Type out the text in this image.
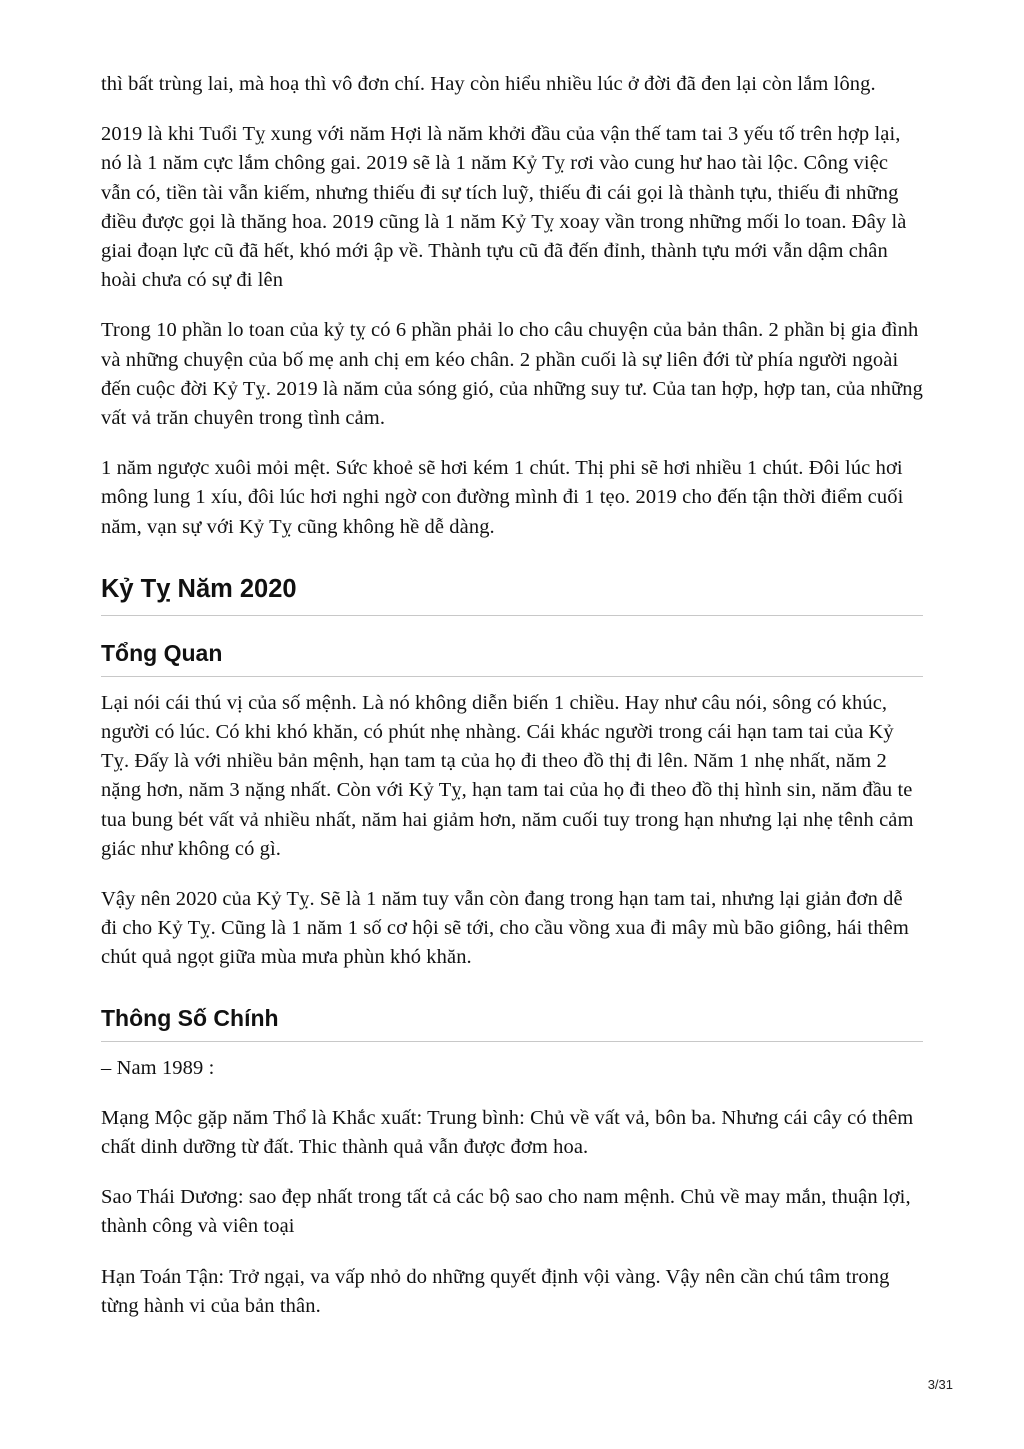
thì bất trùng lai, mà hoạ thì vô đơn chí. Hay còn hiểu nhiều lúc ở đời đã đen lại còn lắm lông.

2019 là khi Tuổi Tỵ xung với năm Hợi là năm khởi đầu của vận thế tam tai 3 yếu tố trên hợp lại, nó là 1 năm cực lắm chông gai. 2019 sẽ là 1 năm Kỷ Tỵ rơi vào cung hư hao tài lộc. Công việc vẫn có, tiền tài vẫn kiếm, nhưng thiếu đi sự tích luỹ, thiếu đi cái gọi là thành tựu, thiếu đi những điều được gọi là thăng hoa. 2019 cũng là 1 năm Kỷ Tỵ xoay vần trong những mối lo toan. Đây là giai đoạn lực cũ đã hết, khó mới ập về. Thành tựu cũ đã đến đỉnh, thành tựu mới vẫn dậm chân hoài chưa có sự đi lên

Trong 10 phần lo toan của kỷ tỵ có 6 phần phải lo cho câu chuyện của bản thân. 2 phần bị gia đình và những chuyện của bố mẹ anh chị em kéo chân. 2 phần cuối là sự liên đới từ phía người ngoài đến cuộc đời Kỷ Tỵ. 2019 là năm của sóng gió, của những suy tư. Của tan hợp, hợp tan, của những vất vả trăn chuyên trong tình cảm.

1 năm ngược xuôi mỏi mệt. Sức khoẻ sẽ hơi kém 1 chút. Thị phi sẽ hơi nhiều 1 chút. Đôi lúc hơi mông lung 1 xíu, đôi lúc hơi nghi ngờ con đường mình đi 1 tẹo. 2019 cho đến tận thời điểm cuối năm, vạn sự với Kỷ Tỵ cũng không hề dễ dàng.

Kỷ Tỵ Năm 2020
Tổng Quan

Lại nói cái thú vị của số mệnh. Là nó không diễn biến 1 chiều. Hay như câu nói, sông có khúc, người có lúc. Có khi khó khăn, có phút nhẹ nhàng. Cái khác người trong cái hạn tam tai của Kỷ Tỵ. Đấy là với nhiều bản mệnh, hạn tam tạ của họ đi theo đồ thị đi lên. Năm 1 nhẹ nhất, năm 2 nặng hơn, năm 3 nặng nhất. Còn với Kỷ Tỵ, hạn tam tai của họ đi theo đồ thị hình sin, năm đầu te tua bung bét vất vả nhiều nhất, năm hai giảm hơn, năm cuối tuy trong hạn nhưng lại nhẹ tênh cảm giác như không có gì.

Vậy nên 2020 của Kỷ Tỵ. Sẽ là 1 năm tuy vẫn còn đang trong hạn tam tai, nhưng lại giản đơn dễ đi cho Kỷ Tỵ. Cũng là 1 năm 1 số cơ hội sẽ tới, cho cầu vồng xua đi mây mù bão giông, hái thêm chút quả ngọt giữa mùa mưa phùn khó khăn.

Thông Số Chính

– Nam 1989 :

Mạng Mộc gặp năm Thổ là Khắc xuất: Trung bình: Chủ về vất vả, bôn ba. Nhưng cái cây có thêm chất dinh dưỡng từ đất. Thic thành quả vẫn được đơm hoa.

Sao Thái Dương: sao đẹp nhất trong tất cả các bộ sao cho nam mệnh. Chủ về may mắn, thuận lợi, thành công và viên toại

Hạn Toán Tận: Trở ngại, va vấp nhỏ do những quyết định vội vàng. Vậy nên cần chú tâm trong từng hành vi của bản thân.

3/31
